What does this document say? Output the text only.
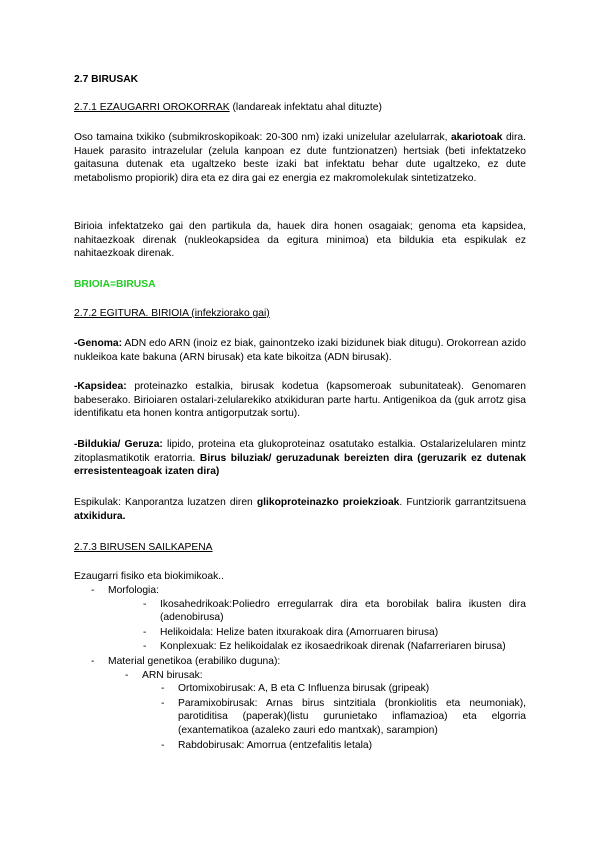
2.7 BIRUSAK
2.7.1 EZAUGARRI OROKORRAK (landareak infektatu ahal dituzte)

Oso tamaina txikiko (submikroskopikoak: 20-300 nm) izaki unizelular azelularrak, akariotoak dira. Hauek parasito intrazelular (zelula kanpoan ez dute funtzionatzen) hertsiak (beti infektatzeko gaitasuna dutenak eta ugaltzeko beste izaki bat infektatu behar dute ugaltzeko, ez dute metabolismo propiorik) dira eta ez dira gai ez energia ez makromolekulak sintetizatzeko.

Birioia infektatzeko gai den partikula da, hauek dira honen osagaiak; genoma eta kapsidea, nahitaezkoak direnak (nukleokapsidea da egitura minimoa) eta bildukia eta espikulak ez nahitaezkoak direnak.

BRIOIA=BIRUSA
2.7.2 EGITURA. BIRIOIA (infekziorako gai)

-Genoma: ADN edo ARN (inoiz ez biak, gainontzeko izaki bizidunek biak ditugu). Orokorrean azido nukleikoa kate bakuna (ARN birusak) eta kate bikoitza (ADN birusak).

-Kapsidea: proteinazko estalkia, birusak kodetua (kapsomeroak subunitateak). Genomaren babeserako. Birioiaren ostalari-zelularekiko atxikiduran parte hartu. Antigenikoa da (guk arrotz gisa identifikatu eta honen kontra antigorputzak sortu).

-Bildukia/ Geruza: lipido, proteina eta glukoproteinaz osatutako estalkia. Ostalarizelularen mintz zitoplasmatikotik eratorria. Birus biluziak/ geruzadunak bereizten dira (geruzarik ez dutenak erresistenteagoak izaten dira)

Espikulak: Kanporantza luzatzen diren glikoproteinazko proiekzioak. Funtziorik garrantzitsuena atxikidura.

2.7.3 BIRUSEN SAILKAPENA
Ezaugarri fisiko eta biokimikoak..
- Morfologia:
- Ikosahedrikoak:Poliedro erregularrak dira eta borobilak balira ikusten dira (adenobirusa)
- Helikoidala: Helize baten itxurakoak dira (Amorruaren birusa)
- Konplexuak: Ez helikoidalak ez ikosaedrikoak direnak (Nafarreriaren birusa)
- Material genetikoa (erabiliko duguna):
- ARN birusak:
- Ortomixobirusak: A, B eta C Influenza birusak (gripeak)
- Paramixobirusak: Arnas birus sintzitiala (bronkiolitis eta neumoniak), parotiditisa (paperak)(listu gurunietako inflamazioa) eta elgorria (exantematikoa (azaleko zauri edo mantxak), sarampion)
- Rabdobirusak: Amorrua (entzefalitis letala)
